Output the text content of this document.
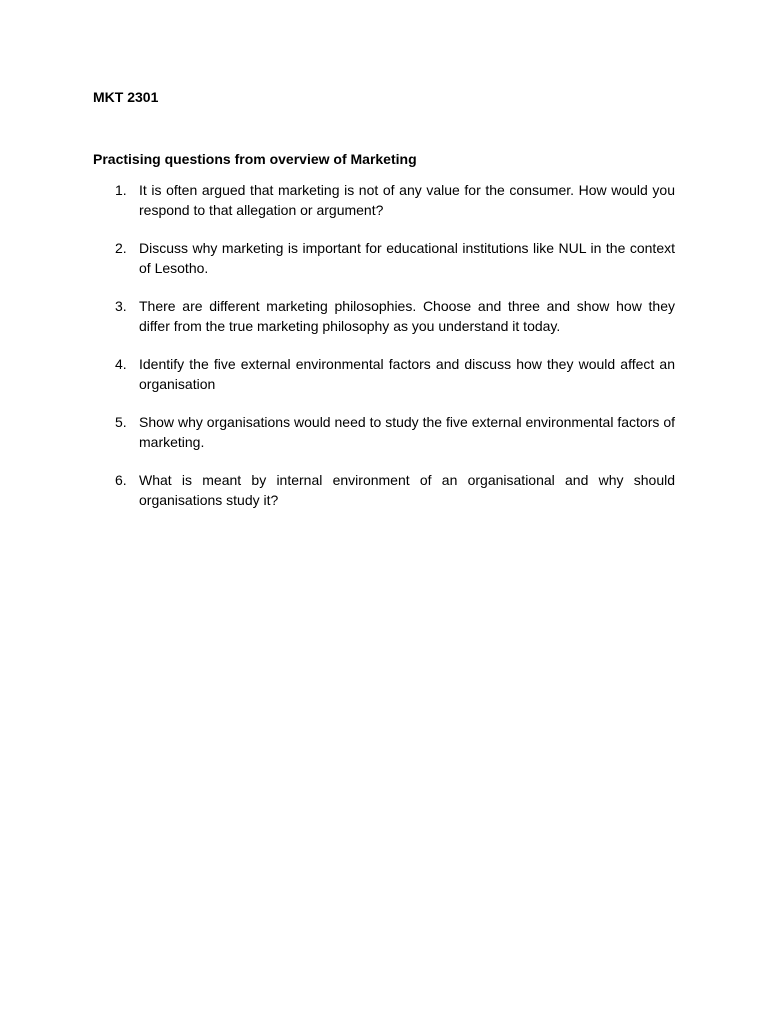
MKT 2301

Practising questions from overview of Marketing

1. It is often argued that marketing is not of any value for the consumer. How would you respond to that allegation or argument?
2. Discuss why marketing is important for educational institutions like NUL in the context of Lesotho.
3. There are different marketing philosophies. Choose and three and show how they differ from the true marketing philosophy as you understand it today.
4. Identify the five external environmental factors and discuss how they would affect an organisation
5. Show why organisations would need to study the five external environmental factors of marketing.
6. What is meant by internal environment of an organisational and why should organisations study it?
